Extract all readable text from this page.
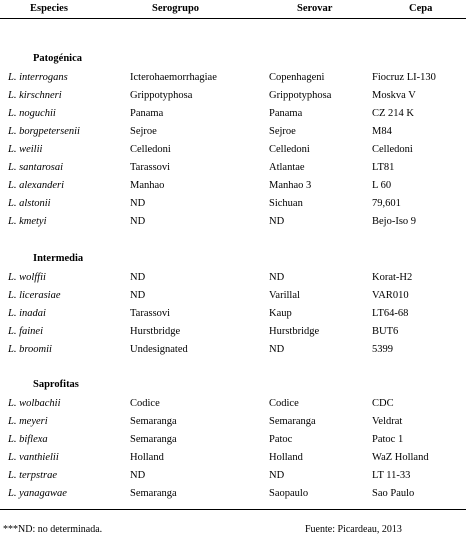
Especies	Serogrupo	Serovar	Cepa
Patogénica
L. interrogans	Icterohaemorrhagiae	Copenhageni	Fiocruz LI-130
L. kirschneri	Grippotyphosa	Grippotyphosa	Moskva V
L. noguchii	Panama	Panama	CZ 214 K
L. borgpetersenii	Sejroe	Sejroe	M84
L. weilii	Celledoni	Celledoni	Celledoni
L. santarosai	Tarassovi	Atlantae	LT81
L. alexanderi	Manhao	Manhao 3	L 60
L. alstonii	ND	Sichuan	79,601
L. kmetyi	ND	ND	Bejo-Iso 9
Intermedia
L. wolffii	ND	ND	Korat-H2
L. licerasiae	ND	Varillal	VAR010
L. inadai	Tarassovi	Kaup	LT64-68
L. fainei	Hurstbridge	Hurstbridge	BUT6
L. broomii	Undesignated	ND	5399
Saprofitas
L. wolbachii	Codice	Codice	CDC
L. meyeri	Semaranga	Semaranga	Veldrat
L. biflexa	Semaranga	Patoc	Patoc 1
L. vanthielii	Holland	Holland	WaZ Holland
L. terpstrae	ND	ND	LT 11-33
L. yanagawae	Semaranga	Saopaulo	Sao Paulo
***ND: no determinada.	Fuente: Picardeau, 2013
